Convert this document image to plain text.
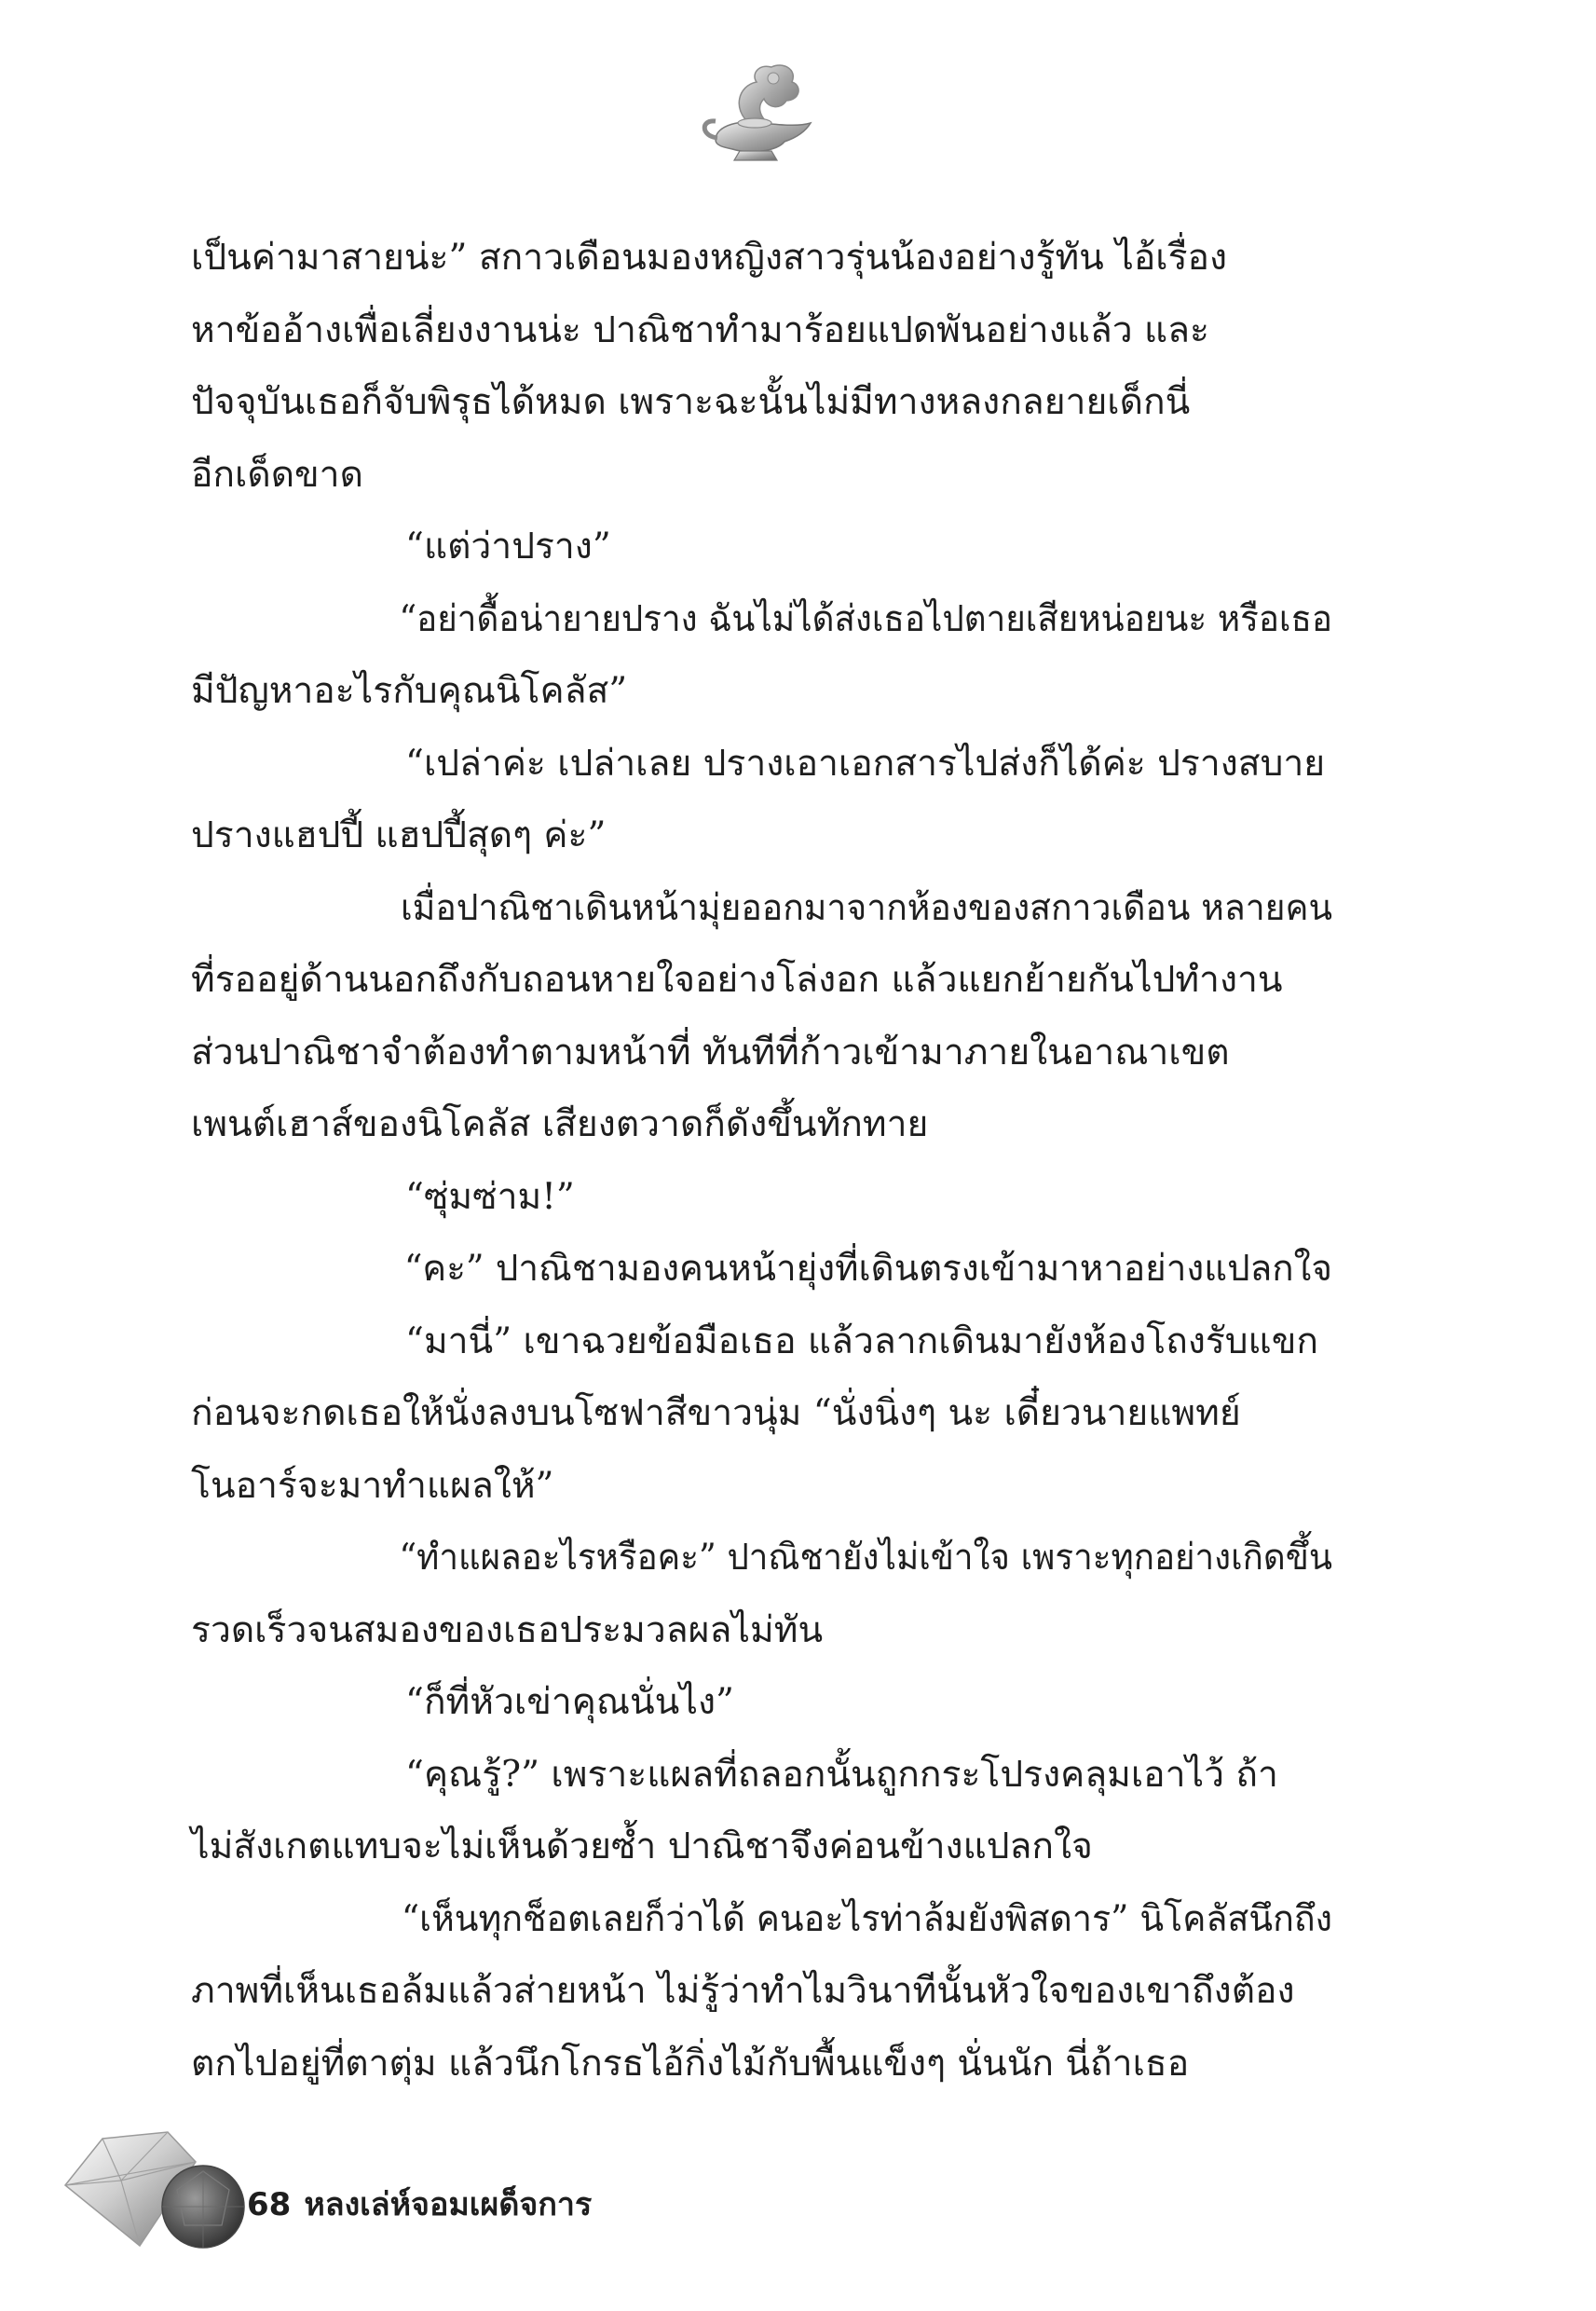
เป็นค่ามาสายน่ะ” สกาวเดือนมองหญิงสาวรุ่นน้องอย่างรู้ทัน ไอ้เรื่อง

หาข้ออ้างเพื่อเลี่ยงงานน่ะ ปาณิชาทำมาร้อยแปดพันอย่างแล้ว และ

ปัจจุบันเธอก็จับพิรุธได้หมด เพราะฉะนั้นไม่มีทางหลงกลยายเด็กนี่

อีกเด็ดขาด

“แต่ว่าปราง”

“อย่าดื้อน่ายายปราง ฉันไม่ได้ส่งเธอไปตายเสียหน่อยนะ หรือเธอ

มีปัญหาอะไรกับคุณนิโคลัส”

“เปล่าค่ะ เปล่าเลย ปรางเอาเอกสารไปส่งก็ได้ค่ะ ปรางสบาย

ปรางแฮปปี้ แฮปปี้สุดๆ ค่ะ”

เมื่อปาณิชาเดินหน้ามุ่ยออกมาจากห้องของสกาวเดือน หลายคน

ที่รออยู่ด้านนอกถึงกับถอนหายใจอย่างโล่งอก แล้วแยกย้ายกันไปทำงาน

ส่วนปาณิชาจำต้องทำตามหน้าที่ ทันทีที่ก้าวเข้ามาภายในอาณาเขต

เพนต์เฮาส์ของนิโคลัส เสียงตวาดก็ดังขึ้นทักทาย

“ซุ่มซ่าม!”

“คะ” ปาณิชามองคนหน้ายุ่งที่เดินตรงเข้ามาหาอย่างแปลกใจ

“มานี่” เขาฉวยข้อมือเธอ แล้วลากเดินมายังห้องโถงรับแขก

ก่อนจะกดเธอให้นั่งลงบนโซฟาสีขาวนุ่ม “นั่งนิ่งๆ นะ เดี๋ยวนายแพทย์

โนอาร์จะมาทำแผลให้”

“ทำแผลอะไรหรือคะ” ปาณิชายังไม่เข้าใจ เพราะทุกอย่างเกิดขึ้น

รวดเร็วจนสมองของเธอประมวลผลไม่ทัน

“ก็ที่หัวเข่าคุณนั่นไง”

“คุณรู้?” เพราะแผลที่ถลอกนั้นถูกกระโปรงคลุมเอาไว้ ถ้า

ไม่สังเกตแทบจะไม่เห็นด้วยซ้ำ ปาณิชาจึงค่อนข้างแปลกใจ

“เห็นทุกช็อตเลยก็ว่าได้ คนอะไรท่าล้มยังพิสดาร” นิโคลัสนึกถึง

ภาพที่เห็นเธอล้มแล้วส่ายหน้า ไม่รู้ว่าทำไมวินาทีนั้นหัวใจของเขาถึงต้อง

ตกไปอยู่ที่ตาตุ่ม แล้วนึกโกรธไอ้กิ่งไม้กับพื้นแข็งๆ นั่นนัก นี่ถ้าเธอ

68 หลงเล่ห์จอมเผด็จการ
